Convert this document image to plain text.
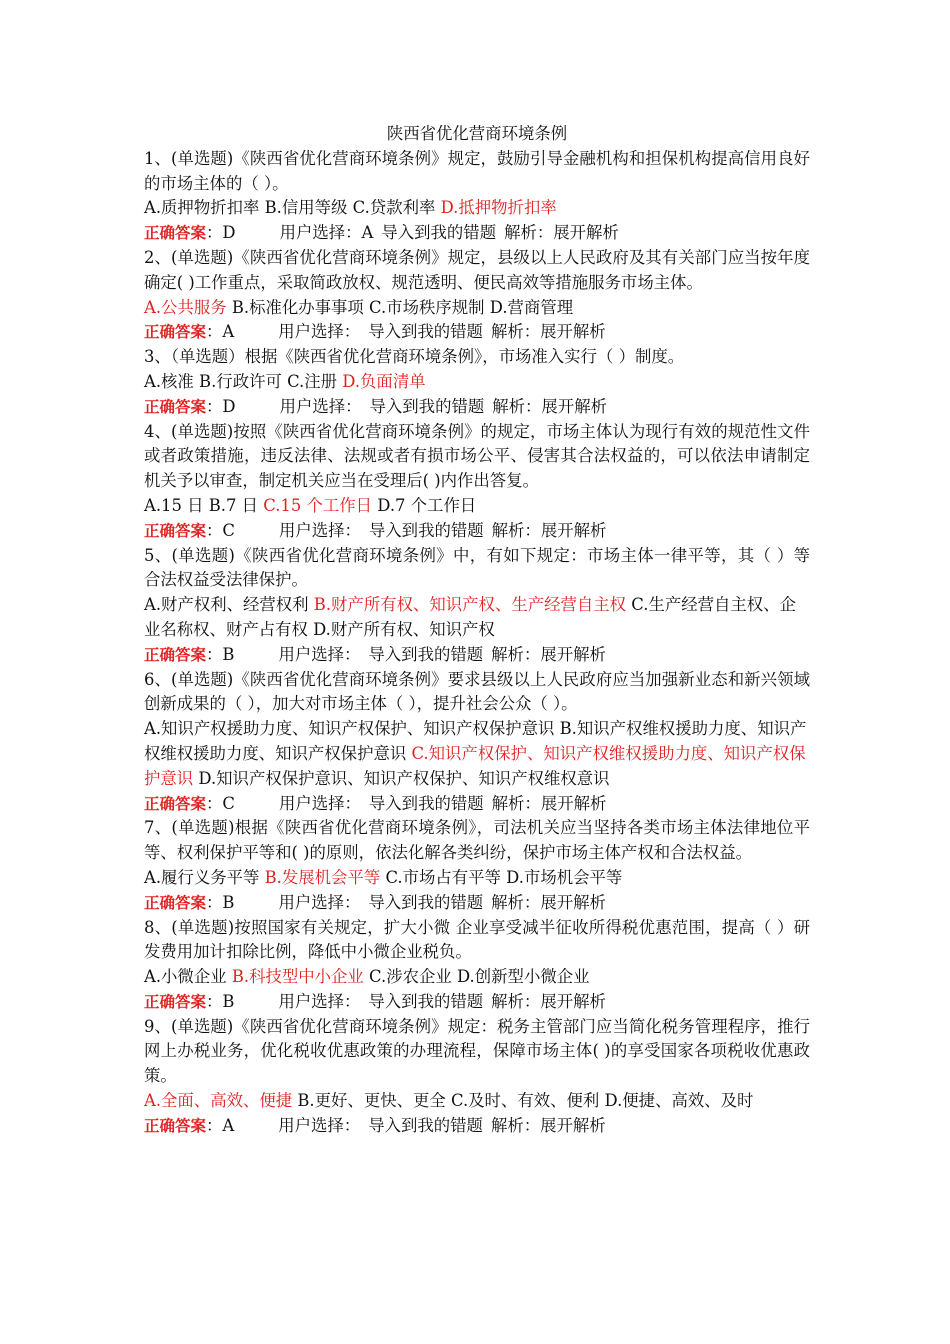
陕西省优化营商环境条例

1、(单选题)《陕西省优化营商环境条例》规定，鼓励引导金融机构和担保机构提高信用良好的市场主体的（ ）。

A.质押物折扣率 B.信用等级 C.贷款利率 D.抵押物折扣率

正确答案：D	用户选择：A 导入到我的错题 解析：展开解析

2、(单选题)《陕西省优化营商环境条例》规定，县级以上人民政府及其有关部门应当按年度确定( )工作重点，采取简政放权、规范透明、便民高效等措施服务市场主体。

A.公共服务 B.标准化办事事项 C.市场秩序规制 D.营商管理

正确答案：A	用户选择： 导入到我的错题 解析：展开解析

3、（单选题）根据《陕西省优化营商环境条例》，市场准入实行（ ）制度。

A.核准 B.行政许可 C.注册 D.负面清单

正确答案：D	用户选择： 导入到我的错题 解析：展开解析

4、(单选题)按照《陕西省优化营商环境条例》的规定，市场主体认为现行有效的规范性文件或者政策措施，违反法律、法规或者有损市场公平、侵害其合法权益的，可以依法申请制定机关予以审查，制定机关应当在受理后( )内作出答复。

A.15 日 B.7 日 C.15 个工作日 D.7 个工作日

正确答案：C	用户选择： 导入到我的错题 解析：展开解析

5、(单选题)《陕西省优化营商环境条例》中，有如下规定：市场主体一律平等，其（ ）等合法权益受法律保护。

A.财产权利、经营权利 B.财产所有权、知识产权、生产经营自主权 C.生产经营自主权、企业名称权、财产占有权 D.财产所有权、知识产权

正确答案：B	用户选择： 导入到我的错题 解析：展开解析

6、(单选题)《陕西省优化营商环境条例》要求县级以上人民政府应当加强新业态和新兴领域创新成果的（ ），加大对市场主体（ ），提升社会公众（ ）。

A.知识产权援助力度、知识产权保护、知识产权保护意识 B.知识产权维权援助力度、知识产权维权援助力度、知识产权保护意识 C.知识产权保护、知识产权维权援助力度、知识产权保护意识 D.知识产权保护意识、知识产权保护、知识产权维权意识

正确答案：C	用户选择： 导入到我的错题 解析：展开解析

7、(单选题)根据《陕西省优化营商环境条例》，司法机关应当坚持各类市场主体法律地位平等、权利保护平等和( )的原则，依法化解各类纠纷，保护市场主体产权和合法权益。

A.履行义务平等 B.发展机会平等 C.市场占有平等 D.市场机会平等

正确答案：B	用户选择： 导入到我的错题 解析：展开解析

8、(单选题)按照国家有关规定，扩大小微 企业享受减半征收所得税优惠范围，提高（ ）研发费用加计扣除比例，降低中小微企业税负。

A.小微企业 B.科技型中小企业 C.涉农企业 D.创新型小微企业

正确答案：B	用户选择： 导入到我的错题 解析：展开解析

9、(单选题)《陕西省优化营商环境条例》规定：税务主管部门应当简化税务管理程序，推行网上办税业务，优化税收优惠政策的办理流程，保障市场主体( )的享受国家各项税收优惠政策。

A.全面、高效、便捷 B.更好、更快、更全 C.及时、有效、便利 D.便捷、高效、及时

正确答案：A	用户选择： 导入到我的错题 解析：展开解析
